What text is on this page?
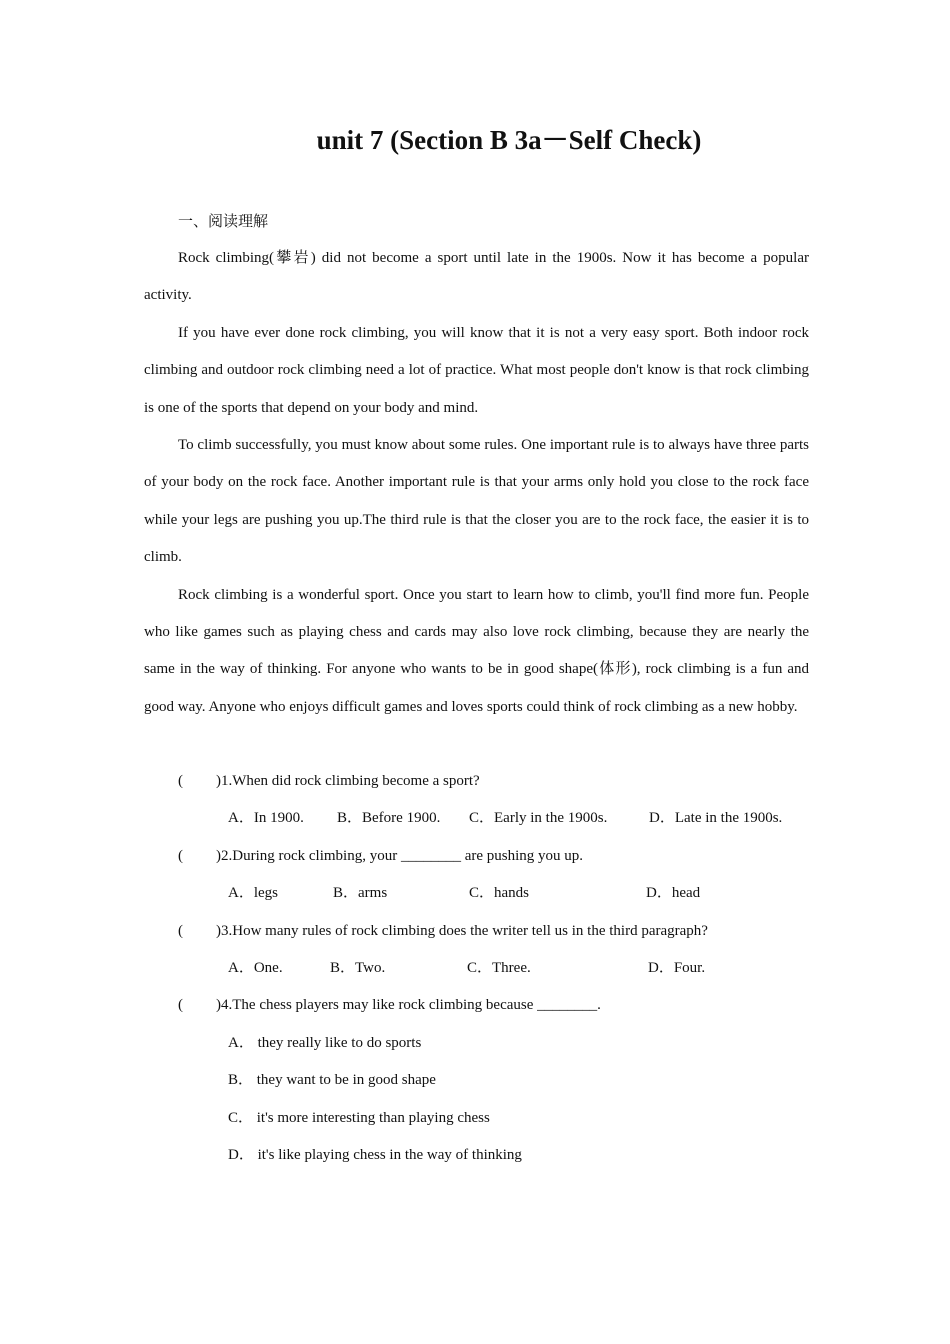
unit 7 (Section B 3a－Self Check)
一、阅读理解

Rock climbing(攀岩) did not become a sport until late in the 1900s. Now it has become a popular activity.

If you have ever done rock climbing, you will know that it is not a very easy sport. Both indoor rock climbing and outdoor rock climbing need a lot of practice. What most people don't know is that rock climbing is one of the sports that depend on your body and mind.

To climb successfully, you must know about some rules. One important rule is to always have three parts of your body on the rock face. Another important rule is that your arms only hold you close to the rock face while your legs are pushing you up.The third rule is that the closer you are to the rock face, the easier it is to climb.

Rock climbing is a wonderful sport. Once you start to learn how to climb, you'll find more fun. People who like games such as playing chess and cards may also love rock climbing, because they are nearly the same in the way of thinking. For anyone who wants to be in good shape(体形), rock climbing is a fun and good way. Anyone who enjoys difficult games and loves sports could think of rock climbing as a new hobby.

( )1.When did rock climbing become a sport?
A．In 1900. B．Before 1900. C．Early in the 1900s.	D．Late in the 1900s.
( )2.During rock climbing, your ________ are pushing you up.
A．legs	B．arms	C．hands	D．head
( )3.How many rules of rock climbing does the writer tell us in the third paragraph?
A．One.	B．Two.	C．Three.	D．Four.
( )4.The chess players may like rock climbing because ________.
A． they really like to do sports
B． they want to be in good shape
C． it's more interesting than playing chess
D． it's like playing chess in the way of thinking
